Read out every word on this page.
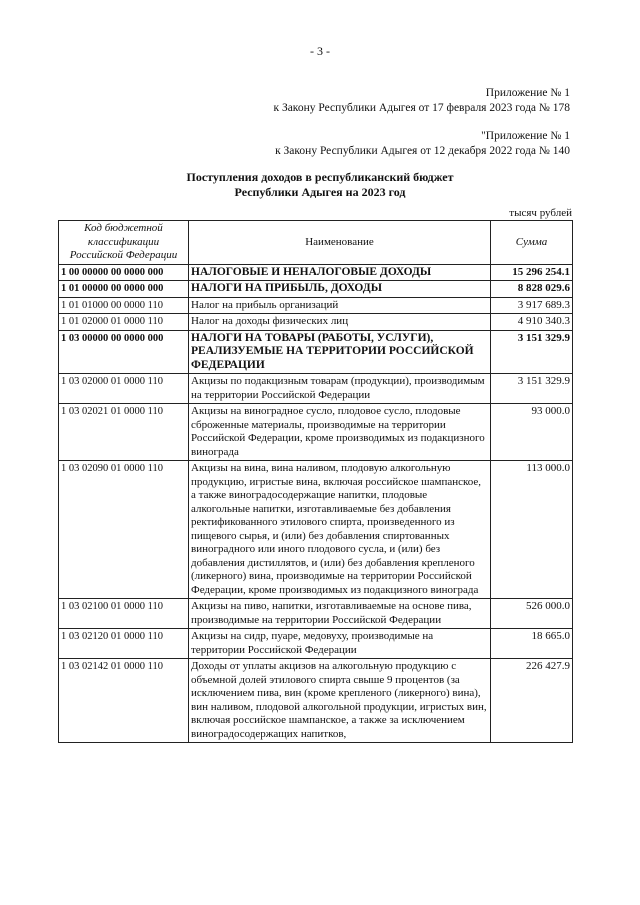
- 3 -
Приложение № 1
к Закону Республики Адыгея от 17 февраля 2023 года № 178
"Приложение № 1
к Закону Республики Адыгея от 12 декабря 2022 года № 140
Поступления доходов в республиканский бюджет
Республики Адыгея на 2023 год
тысяч рублей
Код бюджетной классификации Российской Федерации	Наименование	Сумма
1 00 00000 00 0000 000	НАЛОГОВЫЕ И НЕНАЛОГОВЫЕ ДОХОДЫ	15 296 254.1
1 01 00000 00 0000 000	НАЛОГИ НА ПРИБЫЛЬ, ДОХОДЫ	8 828 029.6
1 01 01000 00 0000 110	Налог на прибыль организаций	3 917 689.3
1 01 02000 01 0000 110	Налог на доходы физических лиц	4 910 340.3
1 03 00000 00 0000 000	НАЛОГИ НА ТОВАРЫ (РАБОТЫ, УСЛУГИ), РЕАЛИЗУЕМЫЕ НА ТЕРРИТОРИИ РОССИЙСКОЙ ФЕДЕРАЦИИ	3 151 329.9
1 03 02000 01 0000 110	Акцизы по подакцизным товарам (продукции), производимым на территории Российской Федерации	3 151 329.9
1 03 02021 01 0000 110	Акцизы на виноградное сусло, плодовое сусло, плодовые сброженные материалы, производимые на территории Российской Федерации, кроме производимых из подакцизного винограда	93 000.0
1 03 02090 01 0000 110	Акцизы на вина, вина наливом, плодовую алкогольную продукцию, игристые вина, включая российское шампанское, а также виноградосодержащие напитки, плодовые алкогольные напитки, изготавливаемые без добавления ректификованного этилового спирта, произведенного из пищевого сырья, и (или) без добавления спиртованных виноградного или иного плодового сусла, и (или) без добавления дистиллятов, и (или) без добавления крепленого (ликерного) вина, производимые на территории Российской Федерации, кроме производимых из подакцизного винограда	113 000.0
1 03 02100 01 0000 110	Акцизы на пиво, напитки, изготавливаемые на основе пива, производимые на территории Российской Федерации	526 000.0
1 03 02120 01 0000 110	Акцизы на сидр, пуаре, медовуху, производимые на территории Российской Федерации	18 665.0
1 03 02142 01 0000 110	Доходы от уплаты акцизов на алкогольную продукцию с объемной долей этилового спирта свыше 9 процентов (за исключением пива, вин (кроме крепленого (ликерного) вина), вин наливом, плодовой алкогольной продукции, игристых вин, включая российское шампанское, а также за исключением виноградосодержащих напитков,	226 427.9
